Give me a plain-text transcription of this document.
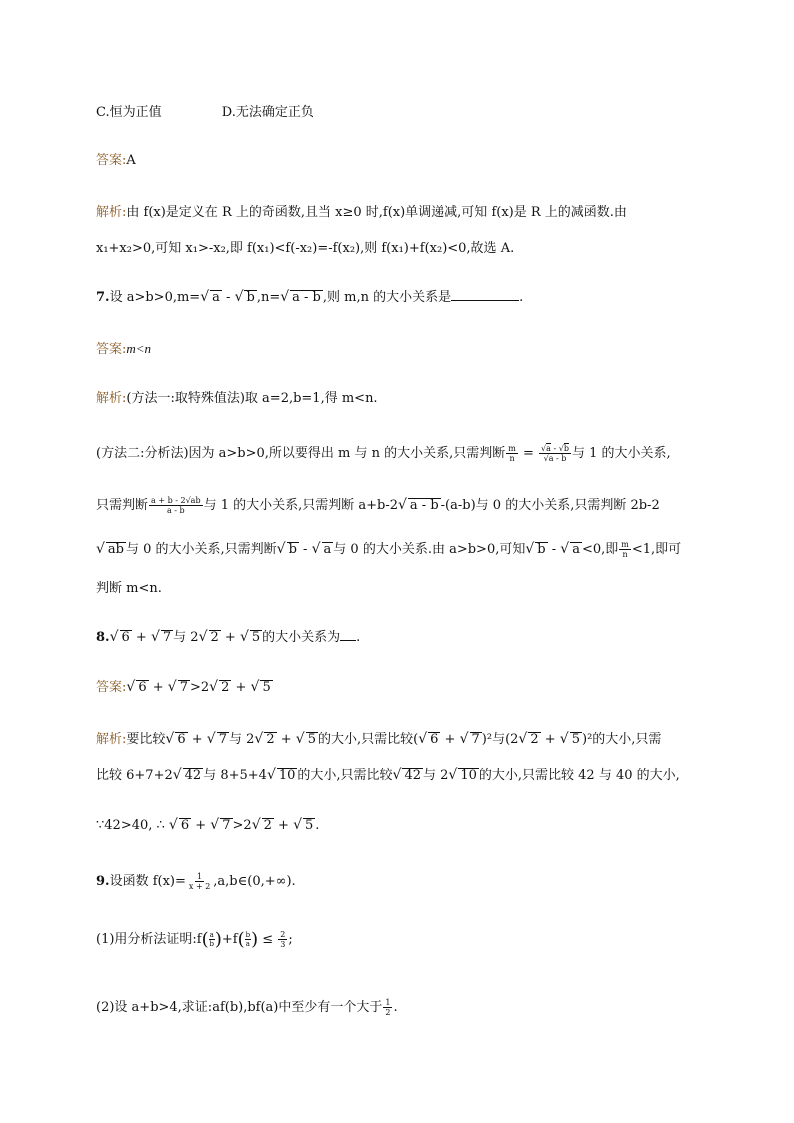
C.恒为正值	D.无法确定正负
答案:A
解析:由 f(x)是定义在 R 上的奇函数,且当 x≥0 时,f(x)单调递减,可知 f(x)是 R 上的减函数.由
x₁+x₂>0,可知 x₁>-x₂,即 f(x₁)<f(-x₂)=-f(x₂),则 f(x₁)+f(x₂)<0,故选 A.
7.设 a>b>0,m=√ a - √ b ,n=√ a - b ,则 m,n 的大小关系是	.
答案:m<n
解析:(方法一:取特殊值法)取 a=2,b=1,得 m<n.
(方法二:分析法)因为 a>b>0,所以要得出 m 与 n 的大小关系,只需判断 $\frac{m}{n} = \frac{√a - √b}{√a - b}$ 与 1 的大小关系,
只需判断 $\frac{a + b - 2√ab}{a - b}$ 与 1 的大小关系,只需判断 a+b-2√ a - b -(a-b)与 0 的大小关系,只需判断 2b-2
√ ab 与 0 的大小关系,只需判断√ b - √ a 与 0 的大小关系.由 a>b>0,可知√ b - √ a <0,即 $\frac{m}{n} <1$,即可
判断 m<n.
8.√ 6 + √ 7 与 2√ 2 + √ 5 的大小关系为 .
答案:√ 6 + √ 7 >2√ 2 + √ 5
解析:要比较√ 6 + √ 7 与 2√ 2 + √ 5 的大小,只需比较(√ 6 + √ 7 )²与(2√ 2 + √ 5 )²的大小,只需
比较 6+7+2√ 42 与 8+5+4√ 10 的大小,只需比较√ 42 与 2√ 10 的大小,只需比较 42 与 40 的大小,
∵42>40, ∴ √ 6 + √ 7 >2√ 2 + √ 5 .
9.设函数 $f(x)= \frac{1}{x + 2}$ ,a,b∈(0,+∞).
(1)用分析法证明:f ( a
b ) +f ( b
a ) ≤ $\frac{2}{3}$ ;
(2)设 a+b>4,求证:af(b),bf(a)中至少有一个大于 $\frac{1}{2}$ .
